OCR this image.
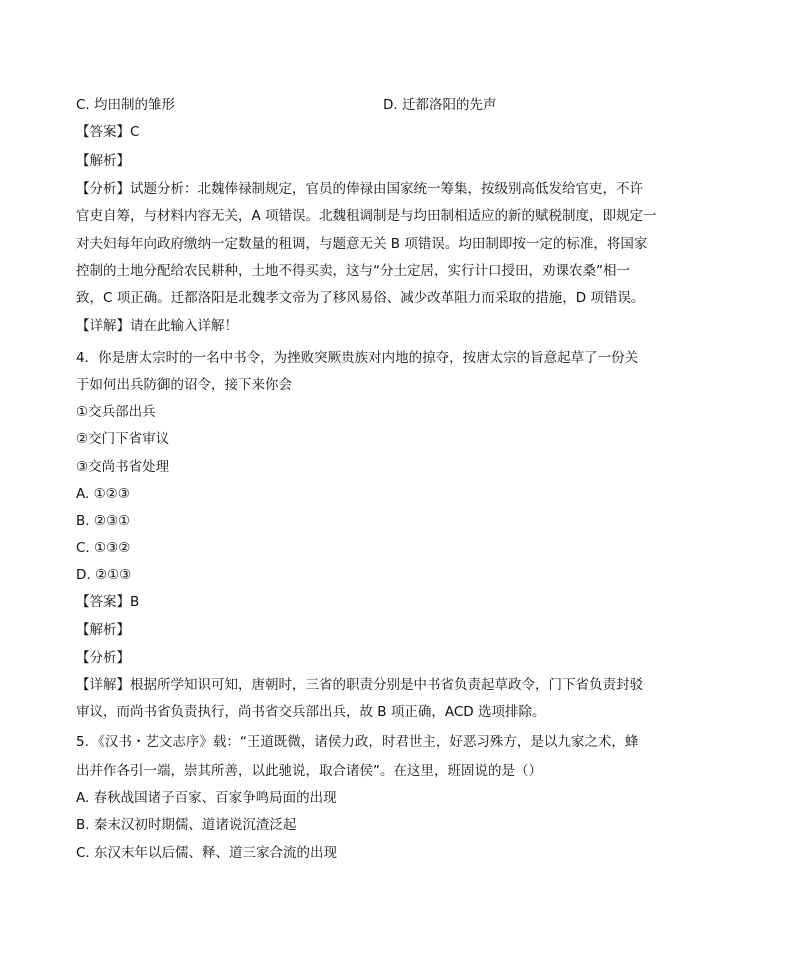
C. 均田制的雏形	D. 迁都洛阳的先声
【答案】C
【解析】
【分析】试题分析：北魏俸禄制规定，官员的俸禄由国家统一筹集，按级别高低发给官吏，不许
官吏自筹，与材料内容无关，A 项错误。北魏租调制是与均田制相适应的新的赋税制度，即规定一
对夫妇每年向政府缴纳一定数量的租调，与题意无关 B 项错误。均田制即按一定的标准，将国家
控制的土地分配给农民耕种，土地不得买卖，这与“分土定居，实行计口授田，劝课农桑”相一
致，C 项正确。迁都洛阳是北魏孝文帝为了移风易俗、减少改革阻力而采取的措施，D 项错误。
【详解】请在此输入详解！
4．你是唐太宗时的一名中书令，为挫败突厥贵族对内地的掠夺，按唐太宗的旨意起草了一份关
于如何出兵防御的诏令，接下来你会
①交兵部出兵
②交门下省审议
③交尚书省处理
A. ①②③
B. ②③①
C. ①③②
D. ②①③
【答案】B
【解析】
【分析】
【详解】根据所学知识可知，唐朝时，三省的职责分别是中书省负责起草政令，门下省负责封驳
审议，而尚书省负责执行，尚书省交兵部出兵，故 B 项正确，ACD 选项排除。
5．《汉书・艺文志序》载：“王道既微，诸侯力政，时君世主，好恶习殊方，是以九家之术，蜂
出并作各引一端，崇其所善，以此驰说，取合诸侯”。在这里，班固说的是（）
A. 春秋战国诸子百家、百家争鸣局面的出现
B. 秦末汉初时期儒、道诸说沉渣泛起
C. 东汉末年以后儒、释、道三家合流的出现
